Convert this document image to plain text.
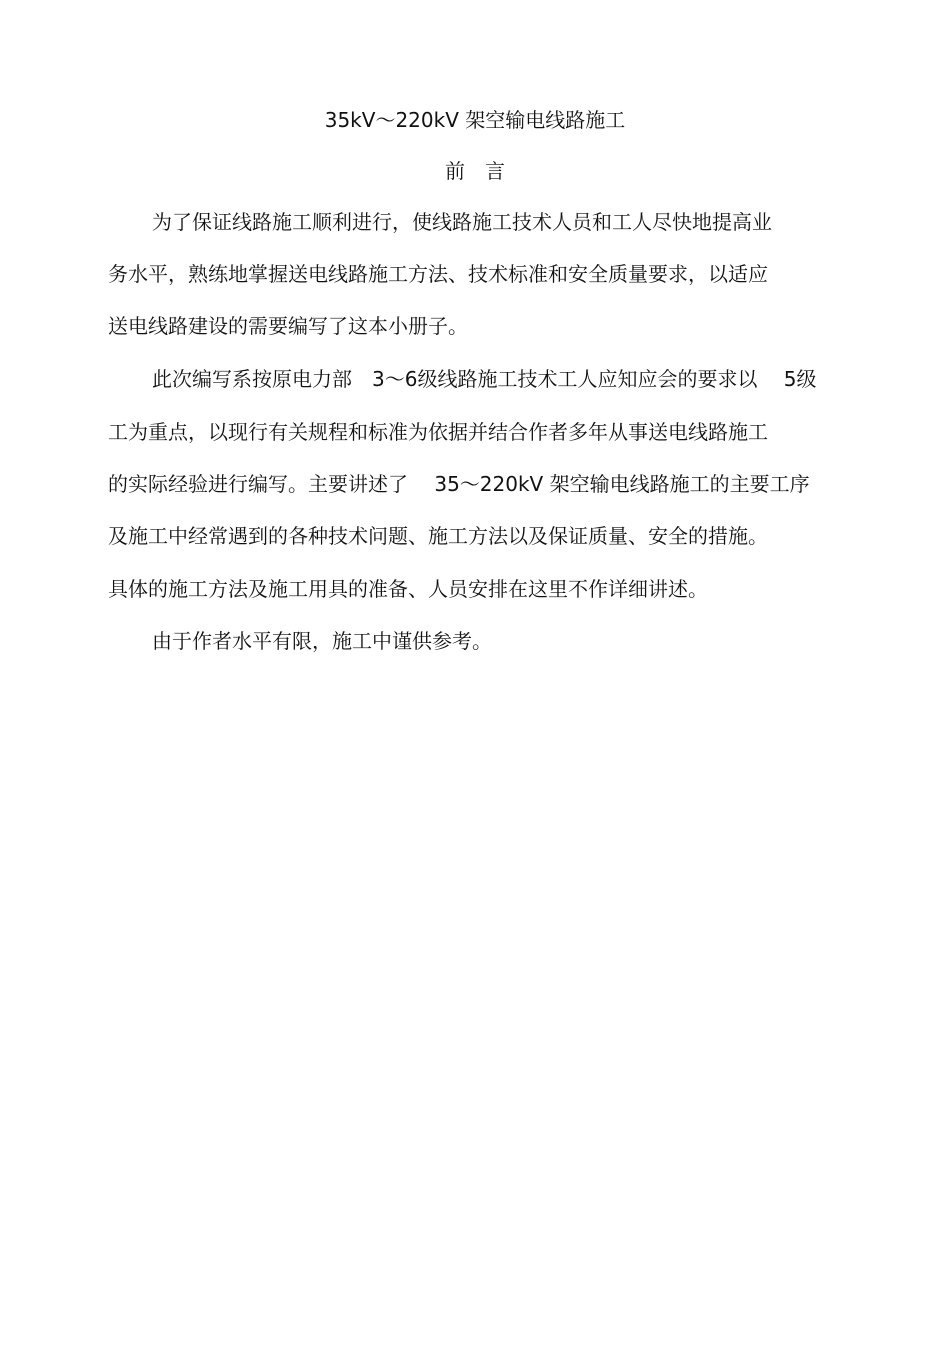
35kV～220kV 架空输电线路施工
前　言
为了保证线路施工顺利进行，使线路施工技术人员和工人尽快地提高业
务水平，熟练地掌握送电线路施工方法、技术标准和安全质量要求，以适应
送电线路建设的需要编写了这本小册子。
此次编写系按原电力部　3～6级线路施工技术工人应知应会的要求以　 5级
工为重点，以现行有关规程和标准为依据并结合作者多年从事送电线路施工
的实际经验进行编写。主要讲述了　 35～220kV 架空输电线路施工的主要工序
及施工中经常遇到的各种技术问题、施工方法以及保证质量、安全的措施。
具体的施工方法及施工用具的准备、人员安排在这里不作详细讲述。
由于作者水平有限，施工中谨供参考。
